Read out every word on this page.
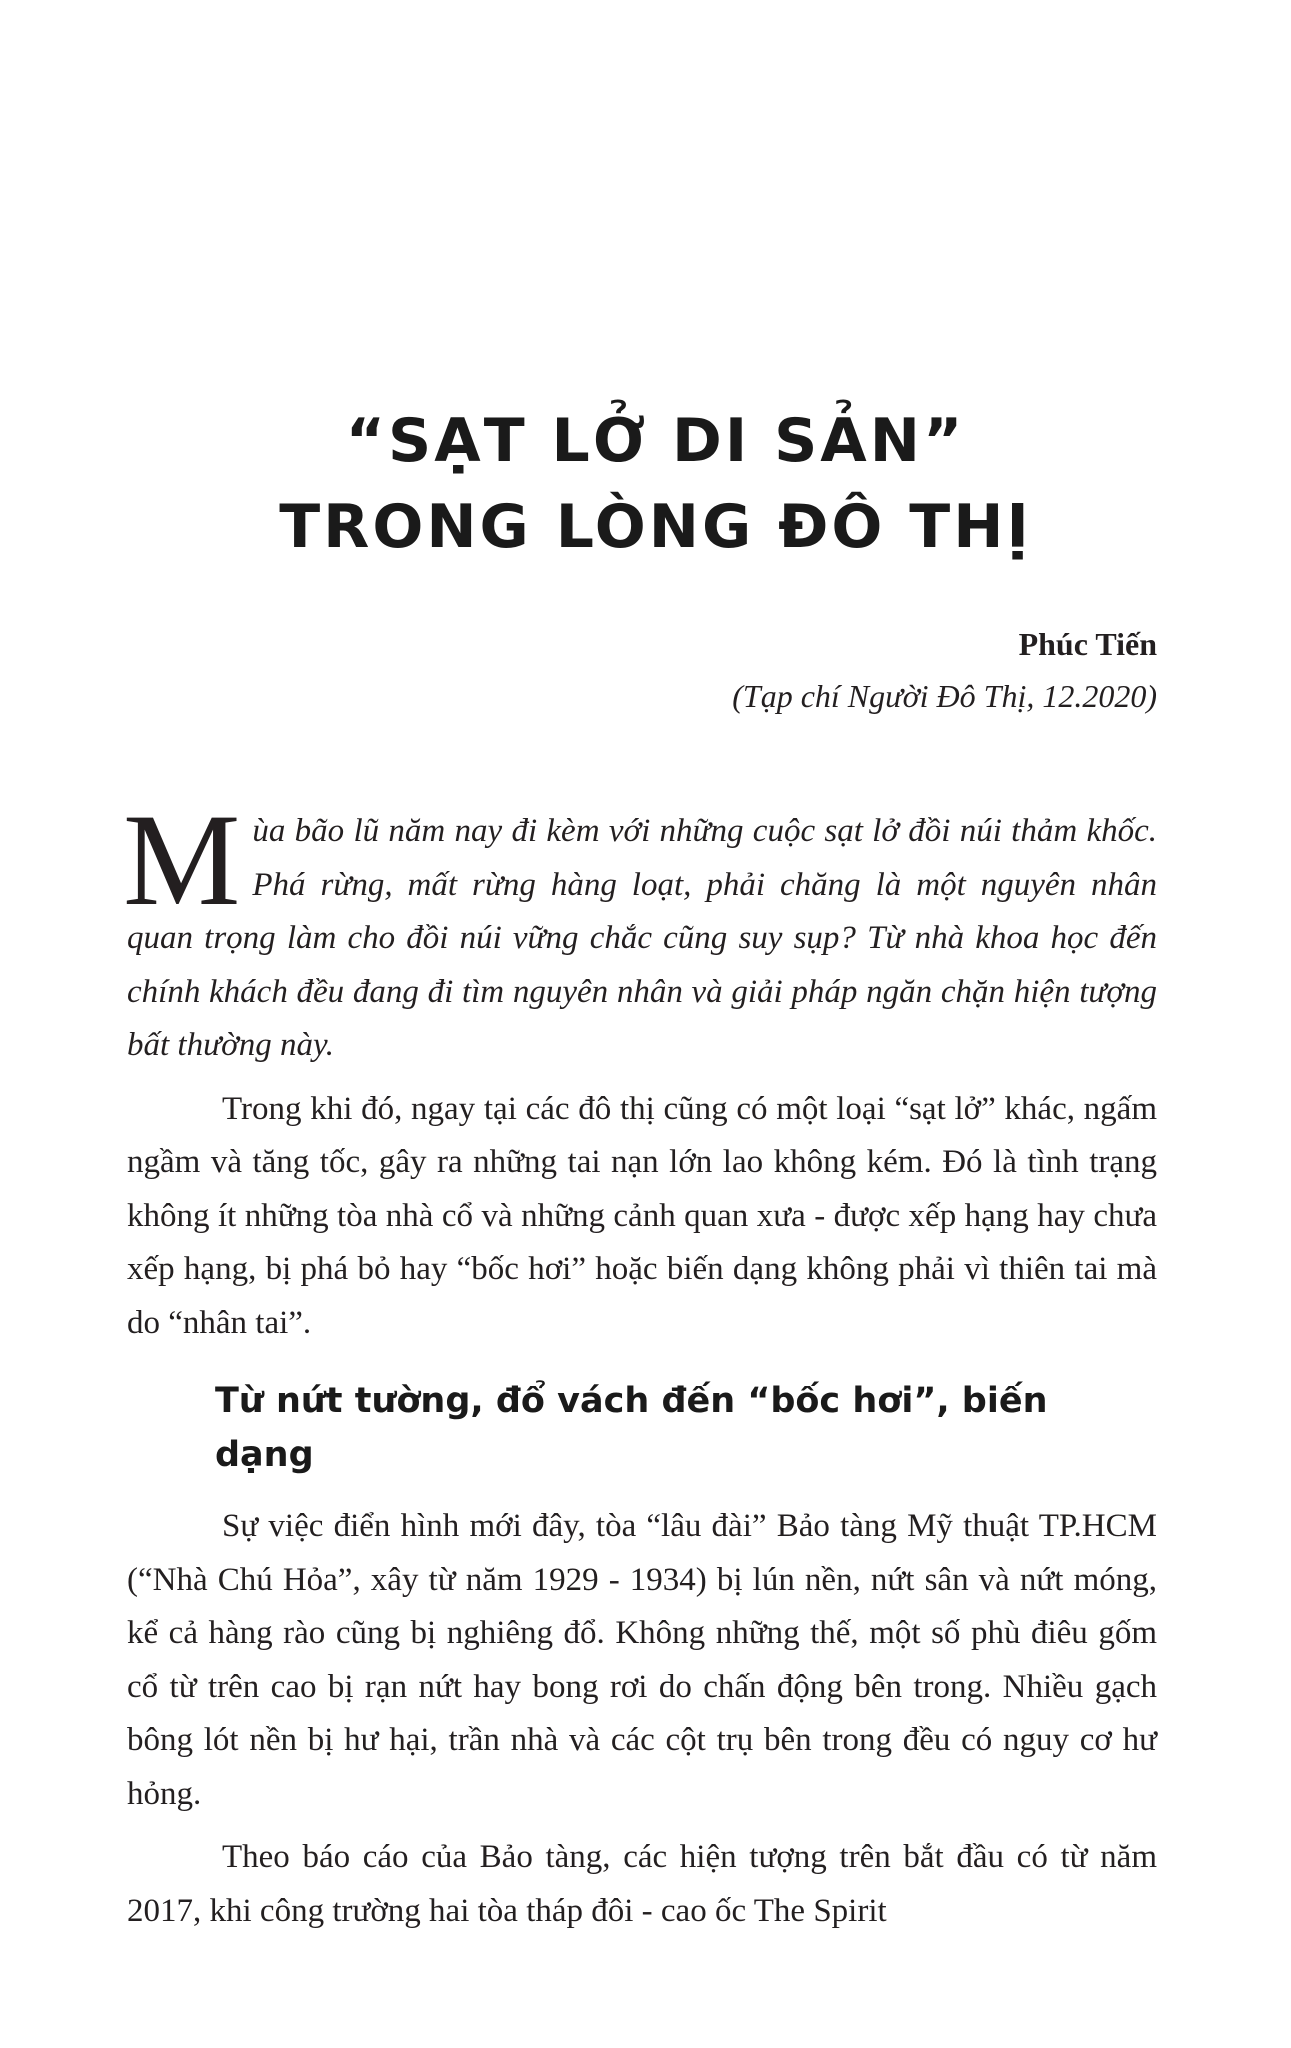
“SẠT LỞ DI SẢN”
TRONG LÒNG ĐÔ THỊ
Phúc Tiến
(Tạp chí Người Đô Thị, 12.2020)

Mùa bão lũ năm nay đi kèm với những cuộc sạt lở đồi núi thảm khốc. Phá rừng, mất rừng hàng loạt, phải chăng là một nguyên nhân quan trọng làm cho đồi núi vững chắc cũng suy sụp? Từ nhà khoa học đến chính khách đều đang đi tìm nguyên nhân và giải pháp ngăn chặn hiện tượng bất thường này.

Trong khi đó, ngay tại các đô thị cũng có một loại “sạt lở” khác, ngấm ngầm và tăng tốc, gây ra những tai nạn lớn lao không kém. Đó là tình trạng không ít những tòa nhà cổ và những cảnh quan xưa - được xếp hạng hay chưa xếp hạng, bị phá bỏ hay “bốc hơi” hoặc biến dạng không phải vì thiên tai mà do “nhân tai”.

Từ nứt tường, đổ vách đến “bốc hơi”, biến dạng

Sự việc điển hình mới đây, tòa “lâu đài” Bảo tàng Mỹ thuật TP.HCM (“Nhà Chú Hỏa”, xây từ năm 1929 - 1934) bị lún nền, nứt sân và nứt móng, kể cả hàng rào cũng bị nghiêng đổ. Không những thế, một số phù điêu gốm cổ từ trên cao bị rạn nứt hay bong rơi do chấn động bên trong. Nhiều gạch bông lót nền bị hư hại, trần nhà và các cột trụ bên trong đều có nguy cơ hư hỏng.

Theo báo cáo của Bảo tàng, các hiện tượng trên bắt đầu có từ năm 2017, khi công trường hai tòa tháp đôi - cao ốc The Spirit
